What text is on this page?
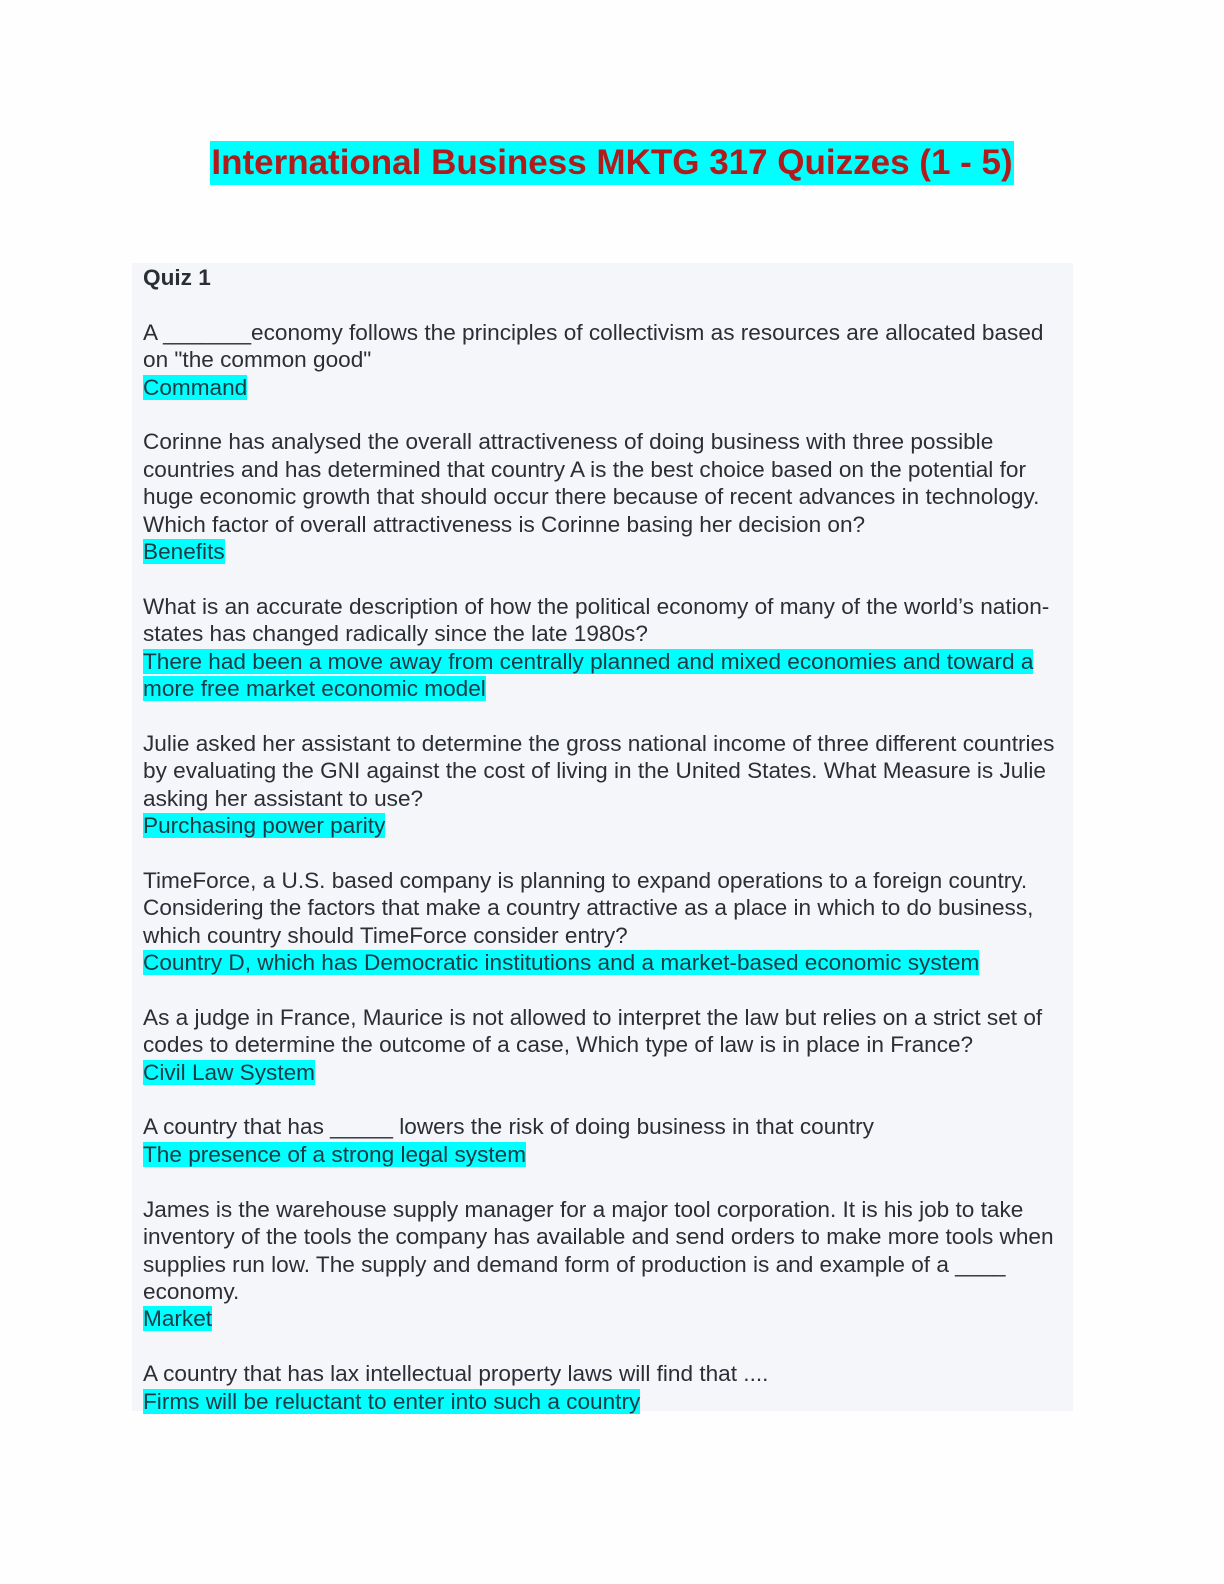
International Business MKTG 317 Quizzes (1 - 5)
Quiz 1
A _______economy follows the principles of collectivism as resources are allocated based on "the common good"
Command
Corinne has analysed the overall attractiveness of doing business with three possible countries and has determined that country A is the best choice based on the potential for huge economic growth that should occur there because of recent advances in technology. Which factor of overall attractiveness is Corinne basing her decision on?
Benefits
What is an accurate description of how the political economy of many of the world’s nation-states has changed radically since the late 1980s?
There had been a move away from centrally planned and mixed economies and toward a more free market economic model
Julie asked her assistant to determine the gross national income of three different countries by evaluating the GNI against the cost of living in the United States. What Measure is Julie asking her assistant to use?
Purchasing power parity
TimeForce, a U.S. based company is planning to expand operations to a foreign country. Considering the factors that make a country attractive as a place in which to do business, which country should TimeForce consider entry?
Country D, which has Democratic institutions and a market-based economic system
As a judge in France, Maurice is not allowed to interpret the law but relies on a strict set of codes to determine the outcome of a case, Which type of law is in place in France?
Civil Law System
A country that has _____ lowers the risk of doing business in that country
The presence of a strong legal system
James is the warehouse supply manager for a major tool corporation. It is his job to take inventory of the tools the company has available and send orders to make more tools when supplies run low. The supply and demand form of production is and example of a ____ economy.
Market
A country that has lax intellectual property laws will find that ....
Firms will be reluctant to enter into such a country
